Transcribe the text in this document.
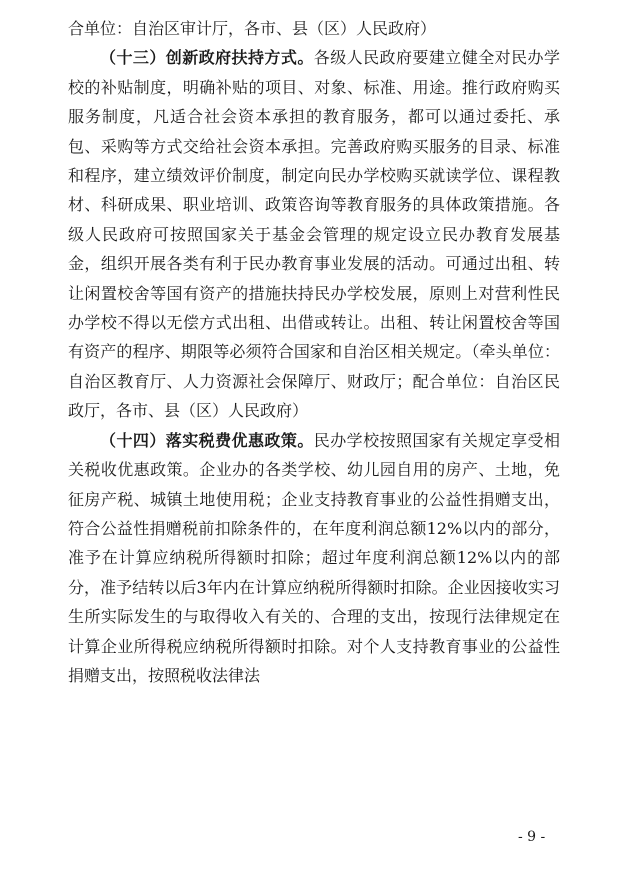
合单位：自治区审计厅，各市、县（区）人民政府）

（十三）创新政府扶持方式。各级人民政府要建立健全对民办学校的补贴制度，明确补贴的项目、对象、标准、用途。推行政府购买服务制度，凡适合社会资本承担的教育服务，都可以通过委托、承包、采购等方式交给社会资本承担。完善政府购买服务的目录、标准和程序，建立绩效评价制度，制定向民办学校购买就读学位、课程教材、科研成果、职业培训、政策咨询等教育服务的具体政策措施。各级人民政府可按照国家关于基金会管理的规定设立民办教育发展基金，组织开展各类有利于民办教育事业发展的活动。可通过出租、转让闲置校舍等国有资产的措施扶持民办学校发展，原则上对营利性民办学校不得以无偿方式出租、出借或转让。出租、转让闲置校舍等国有资产的程序、期限等必须符合国家和自治区相关规定。（牵头单位：自治区教育厅、人力资源社会保障厅、财政厅；配合单位：自治区民政厅，各市、县（区）人民政府）

（十四）落实税费优惠政策。民办学校按照国家有关规定享受相关税收优惠政策。企业办的各类学校、幼儿园自用的房产、土地，免征房产税、城镇土地使用税；企业支持教育事业的公益性捐赠支出，符合公益性捐赠税前扣除条件的，在年度利润总额12%以内的部分，准予在计算应纳税所得额时扣除；超过年度利润总额12%以内的部分，准予结转以后3年内在计算应纳税所得额时扣除。企业因接收实习生所实际发生的与取得收入有关的、合理的支出，按现行法律规定在计算企业所得税应纳税所得额时扣除。对个人支持教育事业的公益性捐赠支出，按照税收法律法

- 9 -
